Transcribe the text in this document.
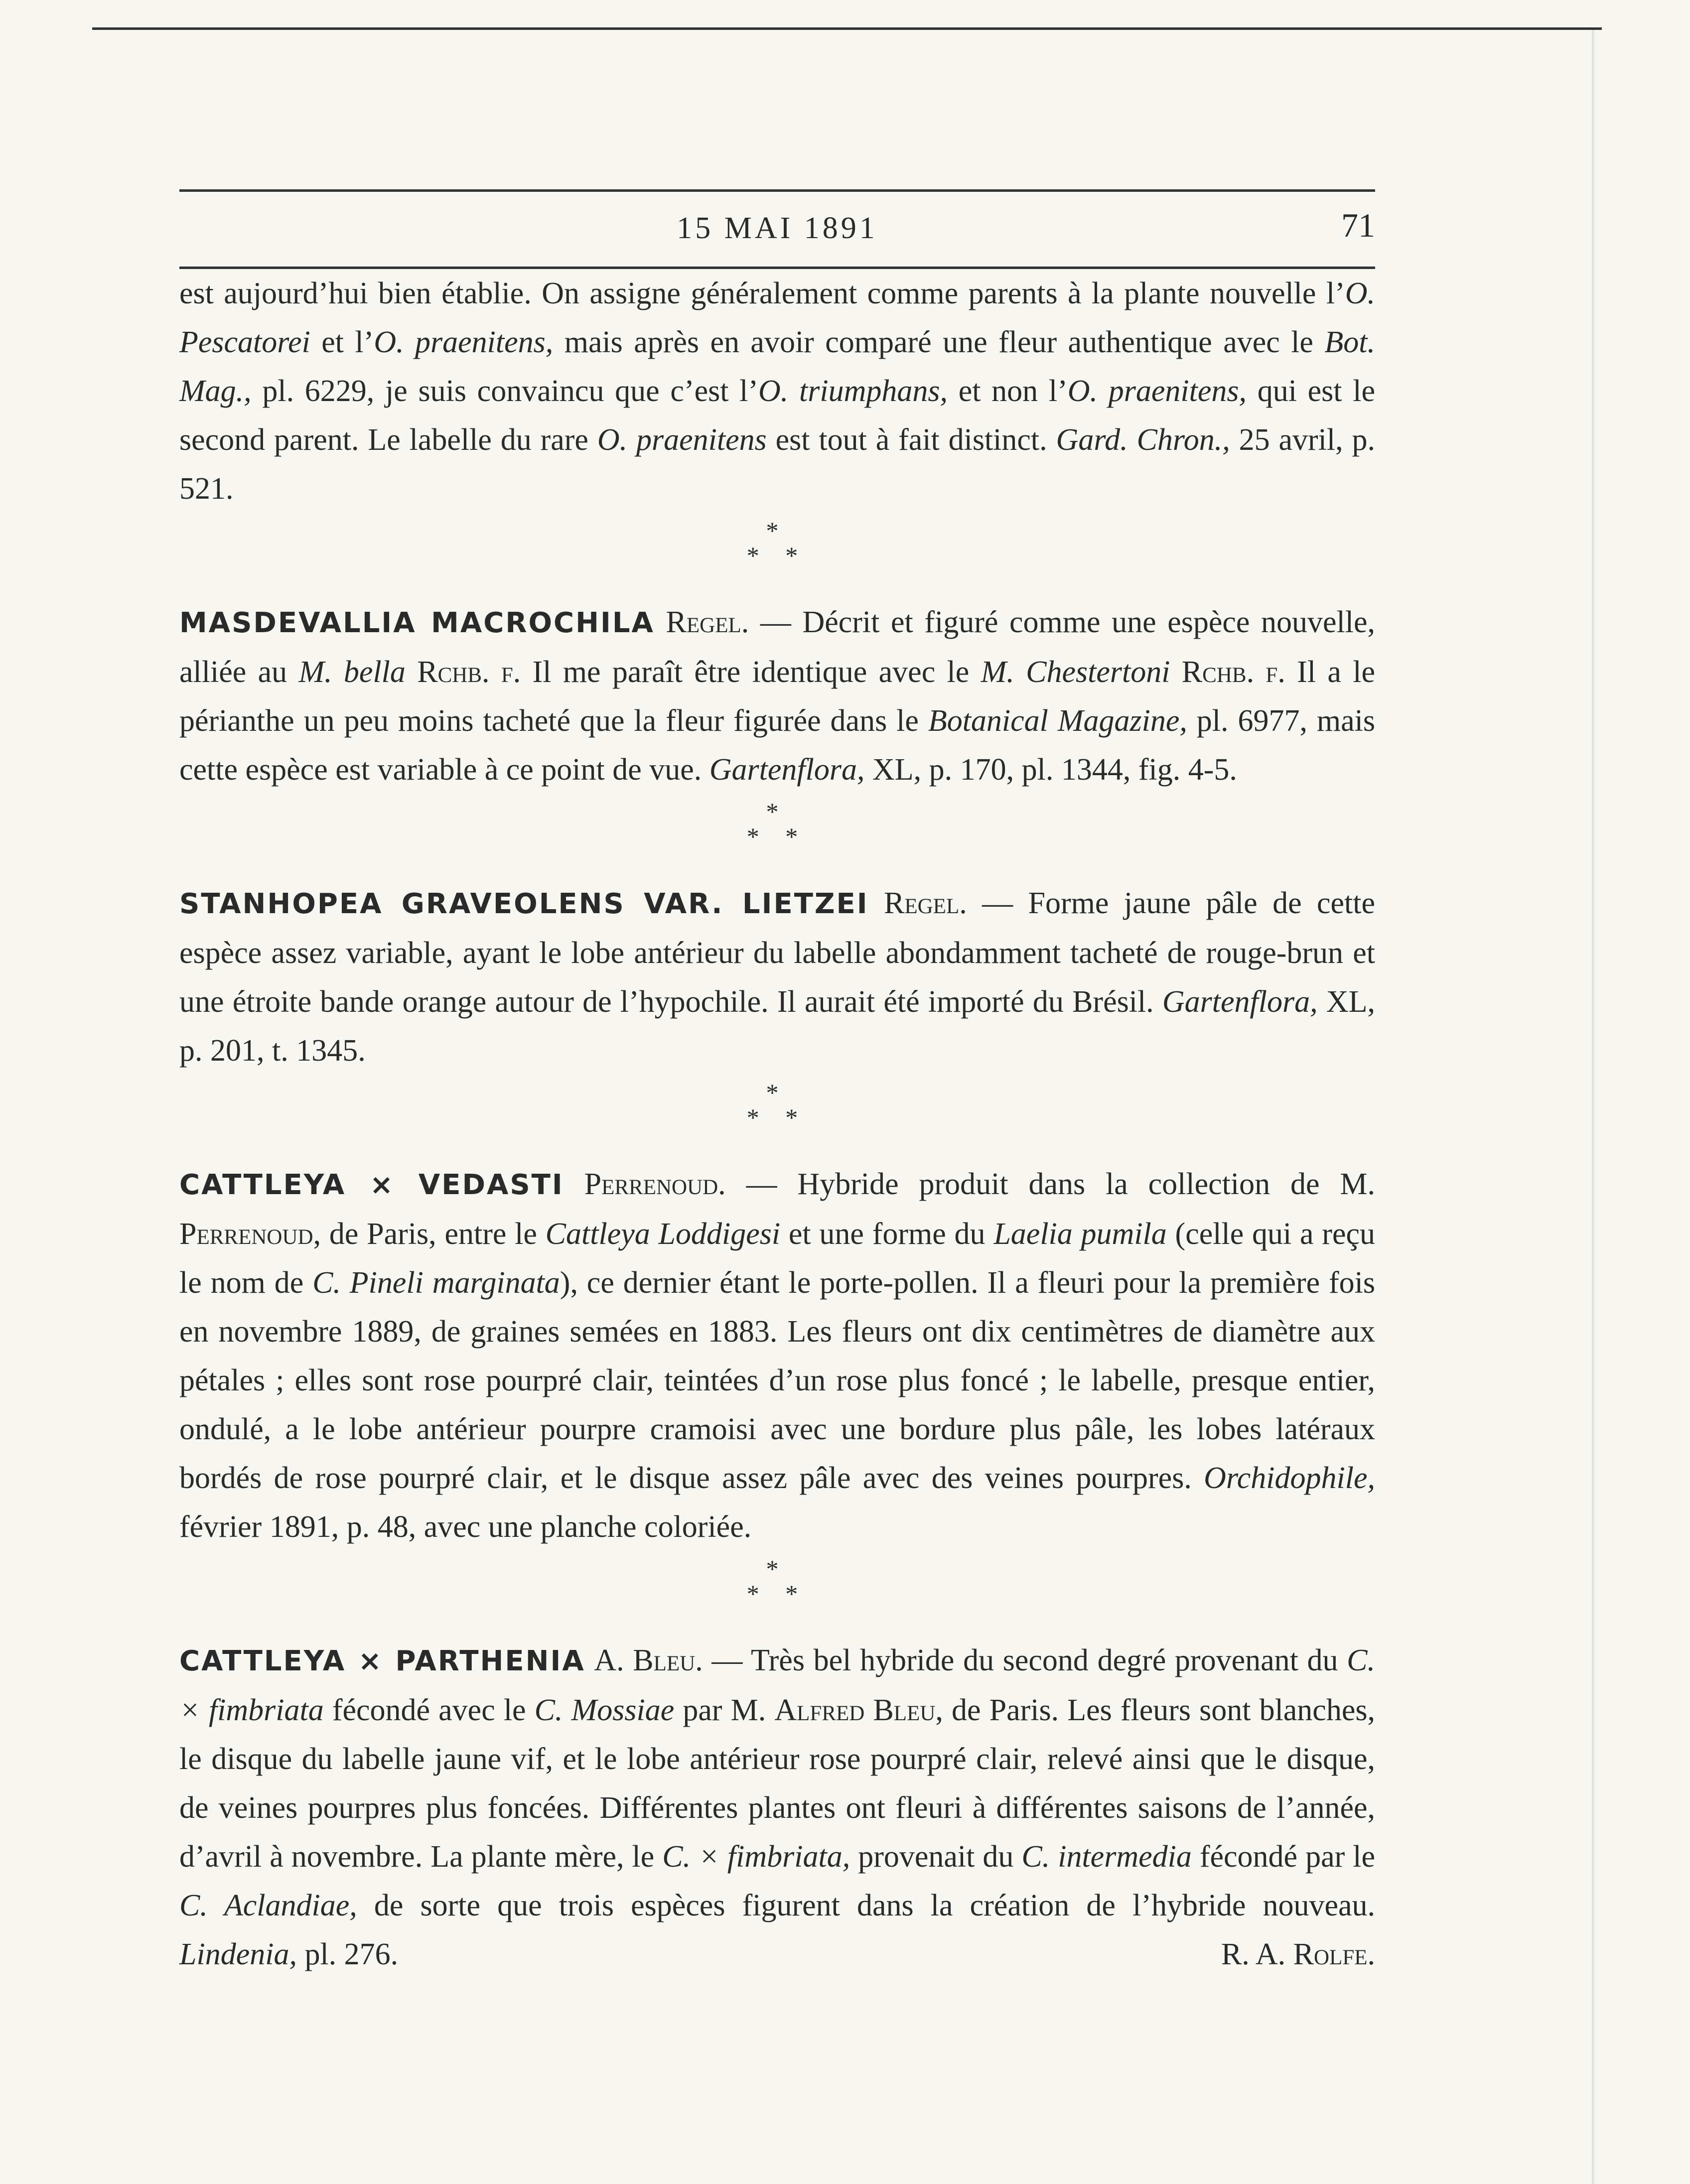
15 MAI 1891	71

est aujourd’hui bien établie. On assigne généralement comme parents à la plante nouvelle l’O. Pescatorei et l’O. praenitens, mais après en avoir comparé une fleur authentique avec le Bot. Mag., pl. 6229, je suis convaincu que c’est l’O. triumphans, et non l’O. praenitens, qui est le second parent. Le labelle du rare O. praenitens est tout à fait distinct. Gard. Chron., 25 avril, p. 521.

*
* *

MASDEVALLIA MACROCHILA Regel. — Décrit et figuré comme une espèce nouvelle, alliée au M. bella Rchb. f. Il me paraît être identique avec le M. Chestertoni Rchb. f. Il a le périanthe un peu moins tacheté que la fleur figurée dans le Botanical Magazine, pl. 6977, mais cette espèce est variable à ce point de vue. Gartenflora, XL, p. 170, pl. 1344, fig. 4-5.

*
* *

STANHOPEA GRAVEOLENS VAR. LIETZEI Regel. — Forme jaune pâle de cette espèce assez variable, ayant le lobe antérieur du labelle abondamment tacheté de rouge-brun et une étroite bande orange autour de l’hypochile. Il aurait été importé du Brésil. Gartenflora, XL, p. 201, t. 1345.

*
* *

CATTLEYA × VEDASTI Perrenoud. — Hybride produit dans la collection de M. Perrenoud, de Paris, entre le Cattleya Loddigesi et une forme du Laelia pumila (celle qui a reçu le nom de C. Pineli marginata), ce dernier étant le porte-pollen. Il a fleuri pour la première fois en novembre 1889, de graines semées en 1883. Les fleurs ont dix centimètres de diamètre aux pétales ; elles sont rose pourpré clair, teintées d’un rose plus foncé ; le labelle, presque entier, ondulé, a le lobe antérieur pourpre cramoisi avec une bordure plus pâle, les lobes latéraux bordés de rose pourpré clair, et le disque assez pâle avec des veines pourpres. Orchidophile, février 1891, p. 48, avec une planche coloriée.

*
* *

CATTLEYA × PARTHENIA A. Bleu. — Très bel hybride du second degré provenant du C. × fimbriata fécondé avec le C. Mossiae par M. Alfred Bleu, de Paris. Les fleurs sont blanches, le disque du labelle jaune vif, et le lobe antérieur rose pourpré clair, relevé ainsi que le disque, de veines pourpres plus foncées. Différentes plantes ont fleuri à différentes saisons de l’année, d’avril à novembre. La plante mère, le C. × fimbriata, provenait du C. intermedia fécondé par le C. Aclandiae, de sorte que trois espèces figurent dans la création de l’hybride nouveau. Lindenia, pl. 276.	R. A. Rolfe.
